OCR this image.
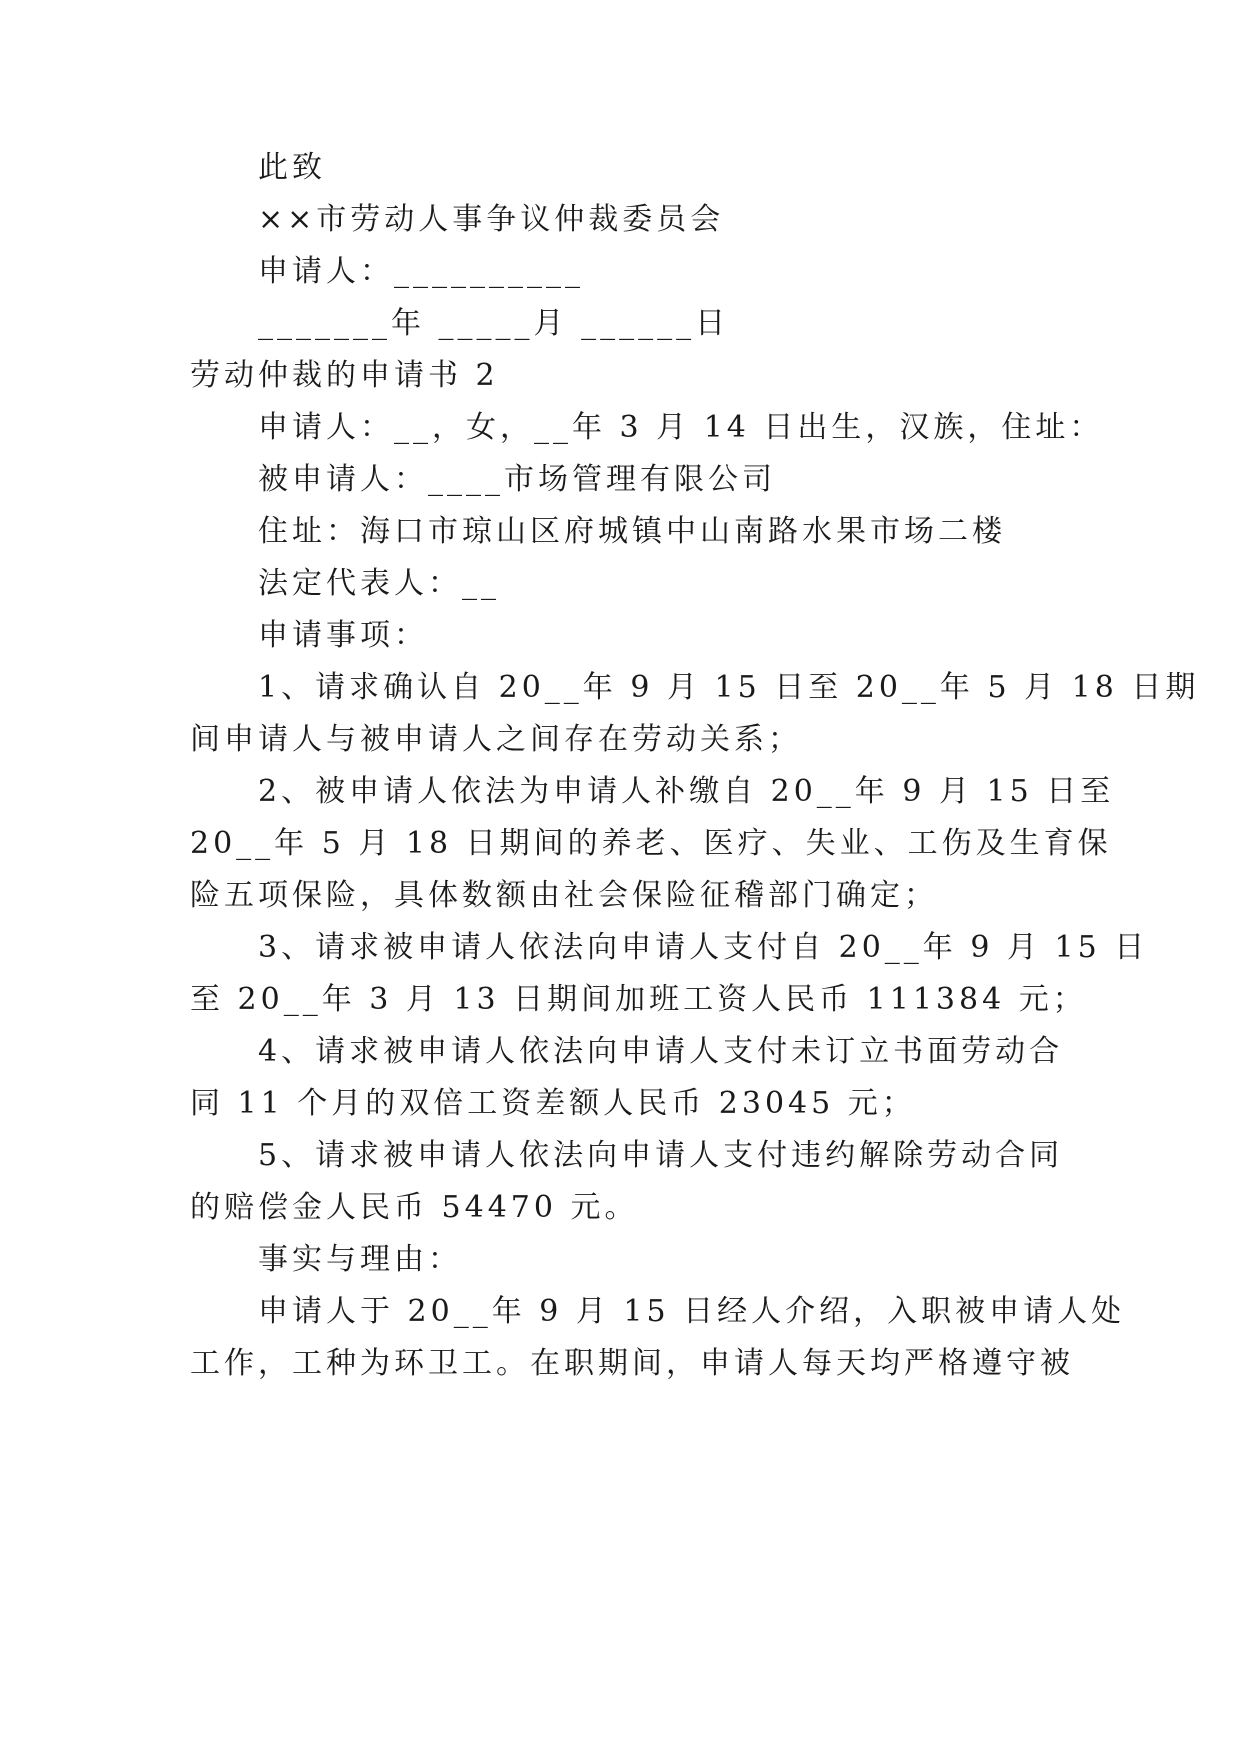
此致
××市劳动人事争议仲裁委员会
申请人：__________
_______年 _____月 ______日
劳动仲裁的申请书 2
申请人：__，女，__年 3 月 14 日出生，汉族，住址：
被申请人：____市场管理有限公司
住址：海口市琼山区府城镇中山南路水果市场二楼
法定代表人：__
申请事项：
1、请求确认自 20__年 9 月 15 日至 20__年 5 月 18 日期
间申请人与被申请人之间存在劳动关系；
2、被申请人依法为申请人补缴自 20__年 9 月 15 日至
20__年 5 月 18 日期间的养老、医疗、失业、工伤及生育保
险五项保险，具体数额由社会保险征稽部门确定；
3、请求被申请人依法向申请人支付自 20__年 9 月 15 日
至 20__年 3 月 13 日期间加班工资人民币 111384 元；
4、请求被申请人依法向申请人支付未订立书面劳动合
同 11 个月的双倍工资差额人民币 23045 元；
5、请求被申请人依法向申请人支付违约解除劳动合同
的赔偿金人民币 54470 元。
事实与理由：
申请人于 20__年 9 月 15 日经人介绍，入职被申请人处
工作，工种为环卫工。在职期间，申请人每天均严格遵守被
